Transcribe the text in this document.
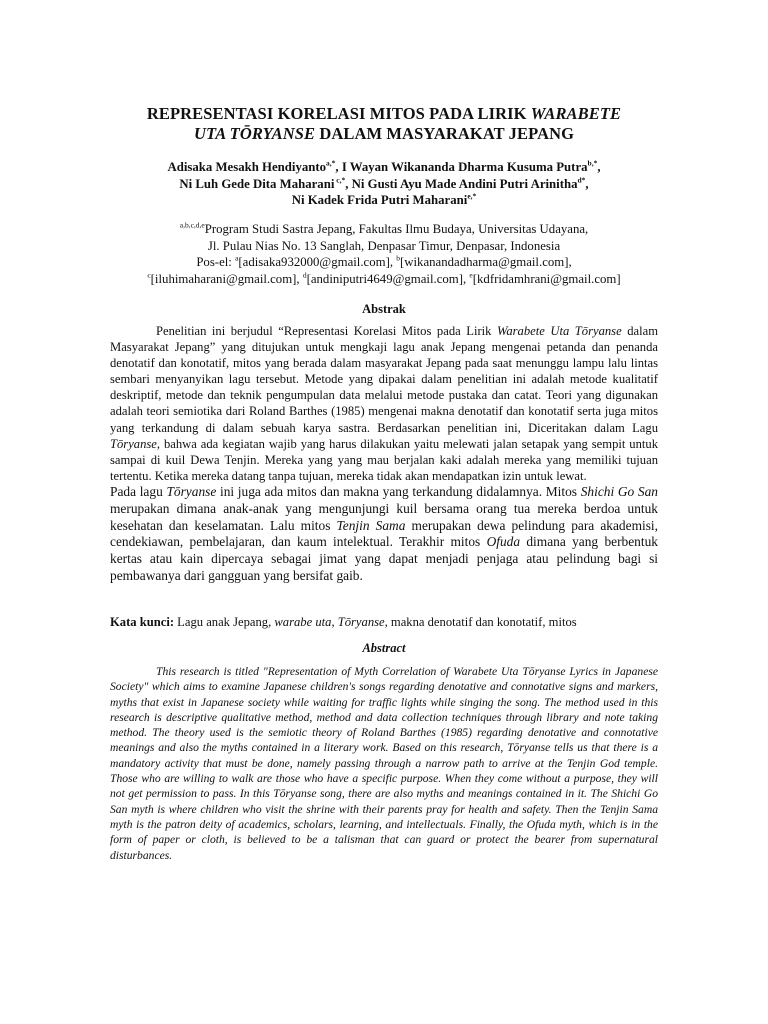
REPRESENTASI KORELASI MITOS PADA LIRIK WARABETE
UTA TŌRYANSE DALAM MASYARAKAT JEPANG
Adisaka Mesakh Hendiyanto$^{a,*}$, I Wayan Wikananda Dharma Kusuma Putra$^{b,*}$,
Ni Luh Gede Dita Maharani $^{c,*}$, Ni Gusti Ayu Made Andini Putri Arinitha$^{d*}$,
Ni Kadek Frida Putri Maharani$^{e,*}$
$^{a,b,c,d,e}$Program Studi Sastra Jepang, Fakultas Ilmu Budaya, Universitas Udayana,
Jl. Pulau Nias No. 13 Sanglah, Denpasar Timur, Denpasar, Indonesia
Pos-el: $^a$[adisaka932000@gmail.com], $^b$[wikanandadharma@gmail.com],
$^c$[iluhimaharani@gmail.com], $^d$[andiniputri4649@gmail.com], $^e$[kdfridamhrani@gmail.com]
Abstrak

Penelitian ini berjudul “Representasi Korelasi Mitos pada Lirik Warabete Uta Tōryanse dalam Masyarakat Jepang” yang ditujukan untuk mengkaji lagu anak Jepang mengenai petanda dan penanda denotatif dan konotatif, mitos yang berada dalam masyarakat Jepang pada saat menunggu lampu lalu lintas sembari menyanyikan lagu tersebut. Metode yang dipakai dalam penelitian ini adalah metode kualitatif deskriptif, metode dan teknik pengumpulan data melalui metode pustaka dan catat. Teori yang digunakan adalah teori semiotika dari Roland Barthes (1985) mengenai makna denotatif dan konotatif serta juga mitos yang terkandung di dalam sebuah karya sastra. Berdasarkan penelitian ini, Diceritakan dalam Lagu Tōryanse, bahwa ada kegiatan wajib yang harus dilakukan yaitu melewati jalan setapak yang sempit untuk sampai di kuil Dewa Tenjin. Mereka yang yang mau berjalan kaki adalah mereka yang memiliki tujuan tertentu. Ketika mereka datang tanpa tujuan, mereka tidak akan mendapatkan izin untuk lewat.

Pada lagu Tōryanse ini juga ada mitos dan makna yang terkandung didalamnya. Mitos Shichi Go San merupakan dimana anak-anak yang mengunjungi kuil bersama orang tua mereka berdoa untuk kesehatan dan keselamatan. Lalu mitos Tenjin Sama merupakan dewa pelindung para akademisi, cendekiawan, pembelajaran, dan kaum intelektual. Terakhir mitos Ofuda dimana yang berbentuk kertas atau kain dipercaya sebagai jimat yang dapat menjadi penjaga atau pelindung bagi si pembawanya dari gangguan yang bersifat gaib.

Kata kunci: Lagu anak Jepang, warabe uta, Tōryanse, makna denotatif dan konotatif, mitos
Abstract

This research is titled "Representation of Myth Correlation of Warabete Uta Tōryanse Lyrics in Japanese Society" which aims to examine Japanese children's songs regarding denotative and connotative signs and markers, myths that exist in Japanese society while waiting for traffic lights while singing the song. The method used in this research is descriptive qualitative method, method and data collection techniques through library and note taking method. The theory used is the semiotic theory of Roland Barthes (1985) regarding denotative and connotative meanings and also the myths contained in a literary work. Based on this research, Tōryanse tells us that there is a mandatory activity that must be done, namely passing through a narrow path to arrive at the Tenjin God temple. Those who are willing to walk are those who have a specific purpose. When they come without a purpose, they will not get permission to pass. In this Tōryanse song, there are also myths and meanings contained in it. The Shichi Go San myth is where children who visit the shrine with their parents pray for health and safety. Then the Tenjin Sama myth is the patron deity of academics, scholars, learning, and intellectuals. Finally, the Ofuda myth, which is in the form of paper or cloth, is believed to be a talisman that can guard or protect the bearer from supernatural disturbances.
